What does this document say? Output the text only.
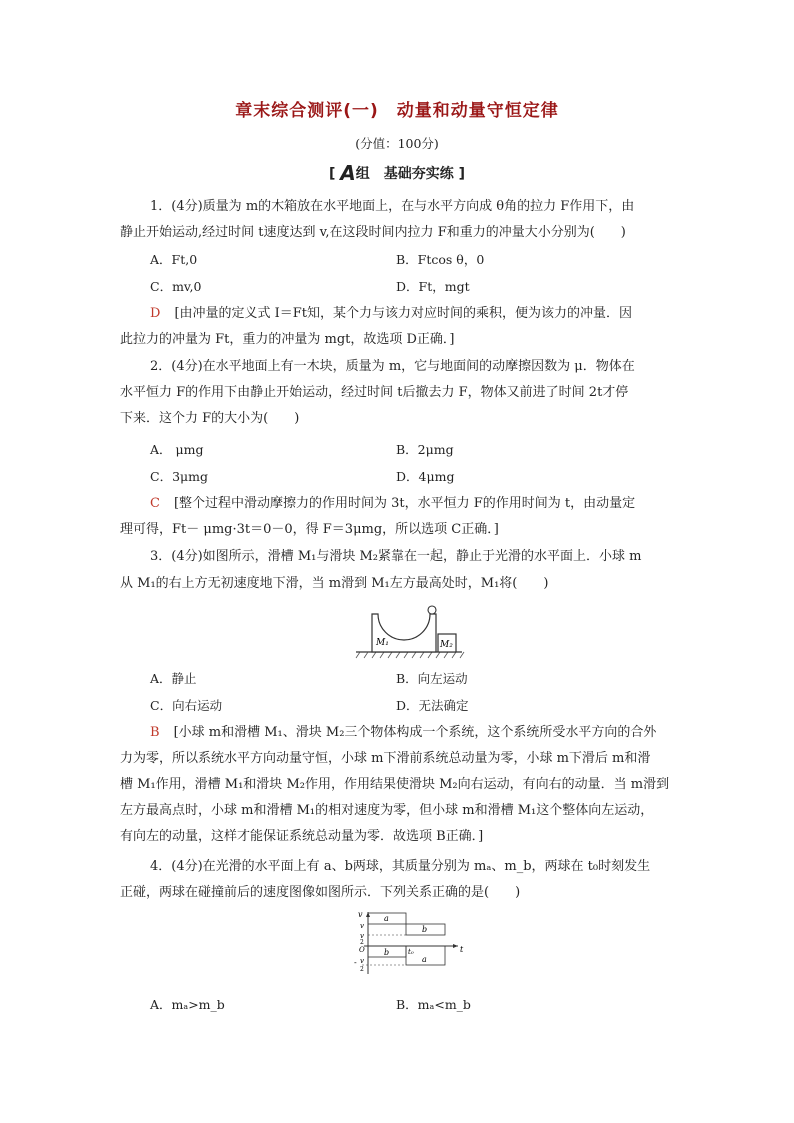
章末综合测评(一)　动量和动量守恒定律
(分值：100分)
[ A组　基础夯实练 ]
1．(4分)质量为 m的木箱放在水平地面上，在与水平方向成 θ角的拉力 F作用下，由
静止开始运动,经过时间 t速度达到 v,在这段时间内拉力 F和重力的冲量大小分别为(　　)
A．Ft,0	B．Ftcos θ，0
C．mv,0	D．Ft，mgt
D [由冲量的定义式 I＝Ft知，某个力与该力对应时间的乘积，便为该力的冲量．因
此拉力的冲量为 Ft，重力的冲量为 mgt，故选项 D正确．]
2．(4分)在水平地面上有一木块，质量为 m，它与地面间的动摩擦因数为 μ．物体在
水平恒力 F的作用下由静止开始运动，经过时间 t后撤去力 F，物体又前进了时间 2t才停
下来．这个力 F的大小为(　　)
A． μmg	B．2μmg
C．3μmg	D．4μmg
C [整个过程中滑动摩擦力的作用时间为 3t，水平恒力 F的作用时间为 t，由动量定
理可得，Ft－ μmg·3t＝0－0，得 F＝3μmg，所以选项 C正确．]
3．(4分)如图所示，滑槽 M₁与滑块 M₂紧靠在一起，静止于光滑的水平面上．小球 m
从 M₁的右上方无初速度地下滑，当 m滑到 M₁左方最高处时，M₁将(　　)
M₁	M₂
A．静止	B．向左运动
C．向右运动	D．无法确定
B [小球 m和滑槽 M₁、滑块 M₂三个物体构成一个系统，这个系统所受水平方向的合外
力为零，所以系统水平方向动量守恒，小球 m下滑前系统总动量为零，小球 m下滑后 m和滑
槽 M₁作用，滑槽 M₁和滑块 M₂作用，作用结果使滑块 M₂向右运动，有向右的动量．当 m滑到
左方最高点时，小球 m和滑槽 M₁的相对速度为零，但小球 m和滑槽 M₁这个整体向左运动，
有向左的动量，这样才能保证系统总动量为零．故选项 B正确．]
4．(4分)在光滑的水平面上有 a、b两球，其质量分别为 mₐ、m_b，两球在 t₀时刻发生
正碰，两球在碰撞前后的速度图像如图所示．下列关系正确的是(　　)
v
t
O
v
v
2
- v
2
t₀
a
b
b
a
A．mₐ>m_b	B．mₐ<m_b
